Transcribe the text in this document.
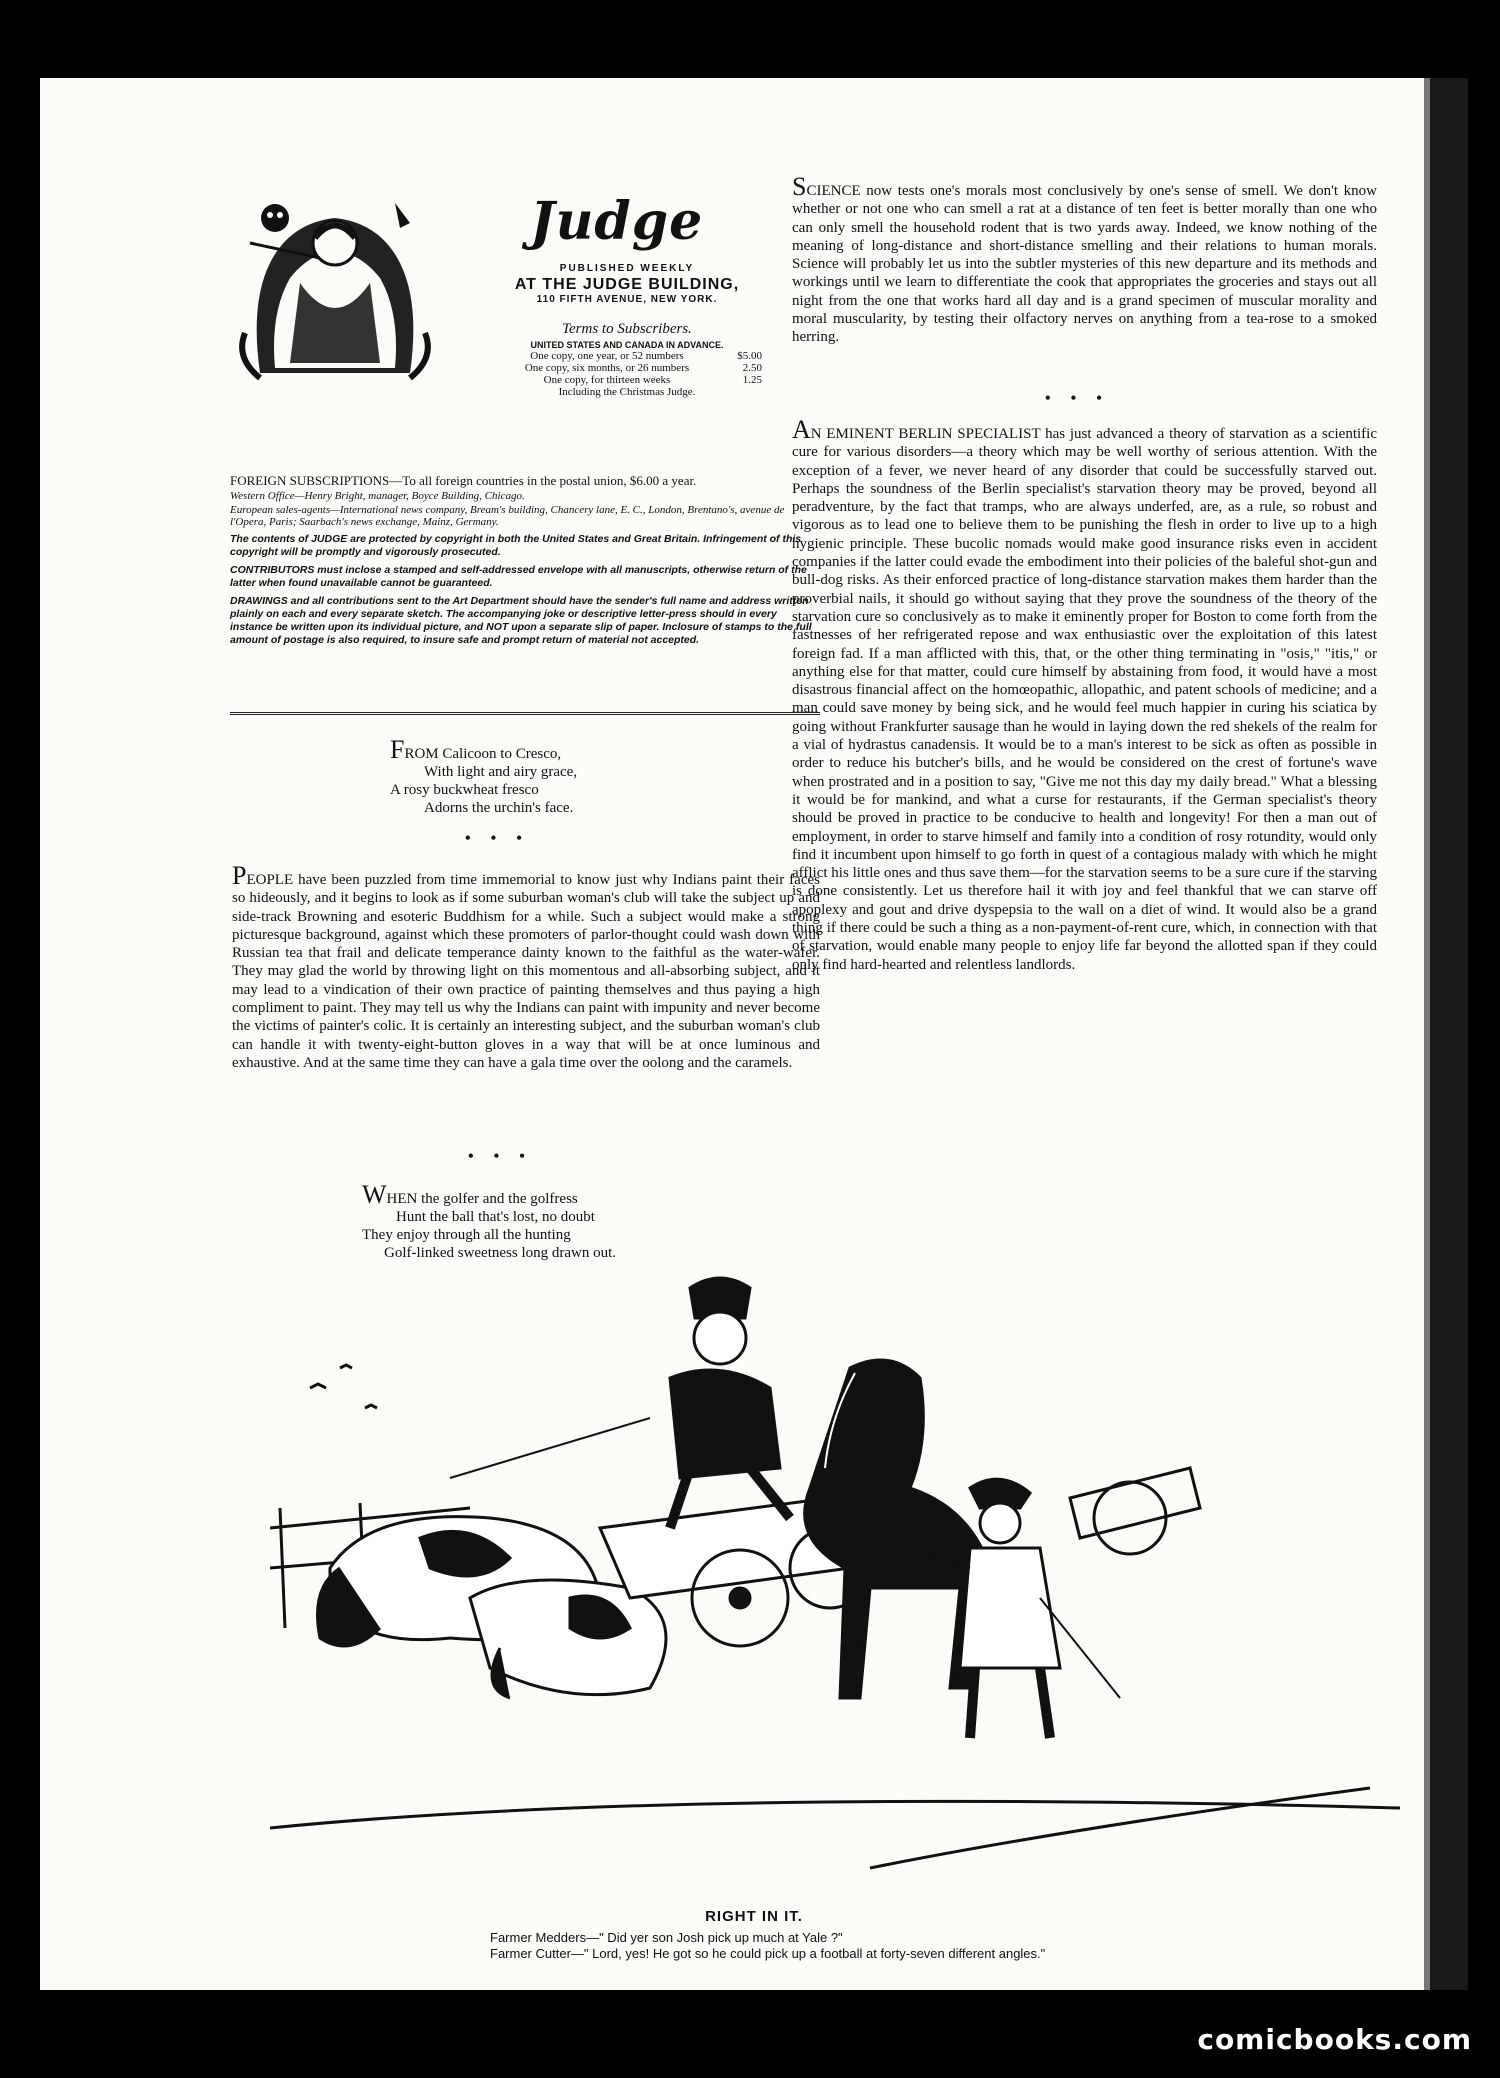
Judge
PUBLISHED WEEKLY
AT THE JUDGE BUILDING,
110 FIFTH AVENUE, NEW YORK.
Terms to Subscribers.
UNITED STATES AND CANADA IN ADVANCE.
One copy, one year, or 52 numbers	$5.00
One copy, six months, or 26 numbers	2.50
One copy, for thirteen weeks	1.25
Including the Christmas Judge.

FOREIGN SUBSCRIPTIONS—To all foreign countries in the postal union, $6.00 a year.

Western Office—Henry Bright, manager, Boyce Building, Chicago.

European sales-agents—International news company, Bream's building, Chancery lane, E. C., London, Brentano's, avenue de l'Opera, Paris; Saarbach's news exchange, Mainz, Germany.

The contents of JUDGE are protected by copyright in both the United States and Great Britain. Infringement of this copyright will be promptly and vigorously prosecuted.

CONTRIBUTORS must inclose a stamped and self-addressed envelope with all manuscripts, otherwise return of the latter when found unavailable cannot be guaranteed.

DRAWINGS and all contributions sent to the Art Department should have the sender's full name and address written plainly on each and every separate sketch. The accompanying joke or descriptive letter-press should in every instance be written upon its individual picture, and NOT upon a separate slip of paper. Inclosure of stamps to the full amount of postage is also required, to insure safe and prompt return of material not accepted.

FROM Calicoon to Cresco,
With light and airy grace,
A rosy buckwheat fresco
Adorns the urchin's face.
• • •

PEOPLE have been puzzled from time immemorial to know just why Indians paint their faces so hideously, and it begins to look as if some suburban woman's club will take the subject up and side-track Browning and esoteric Buddhism for a while. Such a subject would make a strong picturesque background, against which these promoters of parlor-thought could wash down with Russian tea that frail and delicate temperance dainty known to the faithful as the water-wafer. They may glad the world by throwing light on this momentous and all-absorbing subject, and it may lead to a vindication of their own practice of painting themselves and thus paying a high compliment to paint. They may tell us why the Indians can paint with impunity and never become the victims of painter's colic. It is certainly an interesting subject, and the suburban woman's club can handle it with twenty-eight-button gloves in a way that will be at once luminous and exhaustive. And at the same time they can have a gala time over the oolong and the caramels.

• • •
WHEN the golfer and the golfress
Hunt the ball that's lost, no doubt
They enjoy through all the hunting
Golf-linked sweetness long drawn out.

SCIENCE now tests one's morals most conclusively by one's sense of smell. We don't know whether or not one who can smell a rat at a distance of ten feet is better morally than one who can only smell the household rodent that is two yards away. Indeed, we know nothing of the meaning of long-distance and short-distance smelling and their relations to human morals. Science will probably let us into the subtler mysteries of this new departure and its methods and workings until we learn to differentiate the cook that appropriates the groceries and stays out all night from the one that works hard all day and is a grand specimen of muscular morality and moral muscularity, by testing their olfactory nerves on anything from a tea-rose to a smoked herring.

• • •

AN EMINENT BERLIN SPECIALIST has just advanced a theory of starvation as a scientific cure for various disorders—a theory which may be well worthy of serious attention. With the exception of a fever, we never heard of any disorder that could be successfully starved out. Perhaps the soundness of the Berlin specialist's starvation theory may be proved, beyond all peradventure, by the fact that tramps, who are always underfed, are, as a rule, so robust and vigorous as to lead one to believe them to be punishing the flesh in order to live up to a high hygienic principle. These bucolic nomads would make good insurance risks even in accident companies if the latter could evade the embodiment into their policies of the baleful shot-gun and bull-dog risks. As their enforced practice of long-distance starvation makes them harder than the proverbial nails, it should go without saying that they prove the soundness of the theory of the starvation cure so conclusively as to make it eminently proper for Boston to come forth from the fastnesses of her refrigerated repose and wax enthusiastic over the exploitation of this latest foreign fad. If a man afflicted with this, that, or the other thing terminating in "osis," "itis," or anything else for that matter, could cure himself by abstaining from food, it would have a most disastrous financial affect on the homœopathic, allopathic, and patent schools of medicine; and a man could save money by being sick, and he would feel much happier in curing his sciatica by going without Frankfurter sausage than he would in laying down the red shekels of the realm for a vial of hydrastus canadensis. It would be to a man's interest to be sick as often as possible in order to reduce his butcher's bills, and he would be considered on the crest of fortune's wave when prostrated and in a position to say, "Give me not this day my daily bread." What a blessing it would be for mankind, and what a curse for restaurants, if the German specialist's theory should be proved in practice to be conducive to health and longevity! For then a man out of employment, in order to starve himself and family into a condition of rosy rotundity, would only find it incumbent upon himself to go forth in quest of a contagious malady with which he might afflict his little ones and thus save them—for the starvation seems to be a sure cure if the starving is done consistently. Let us therefore hail it with joy and feel thankful that we can starve off apoplexy and gout and drive dyspepsia to the wall on a diet of wind. It would also be a grand thing if there could be such a thing as a non-payment-of-rent cure, which, in connection with that of starvation, would enable many people to enjoy life far beyond the allotted span if they could only find hard-hearted and relentless landlords.

RIGHT IN IT.
Farmer Medders—" Did yer son Josh pick up much at Yale ?"
Farmer Cutter—" Lord, yes! He got so he could pick up a football at forty-seven different angles."
comicbooks.com
